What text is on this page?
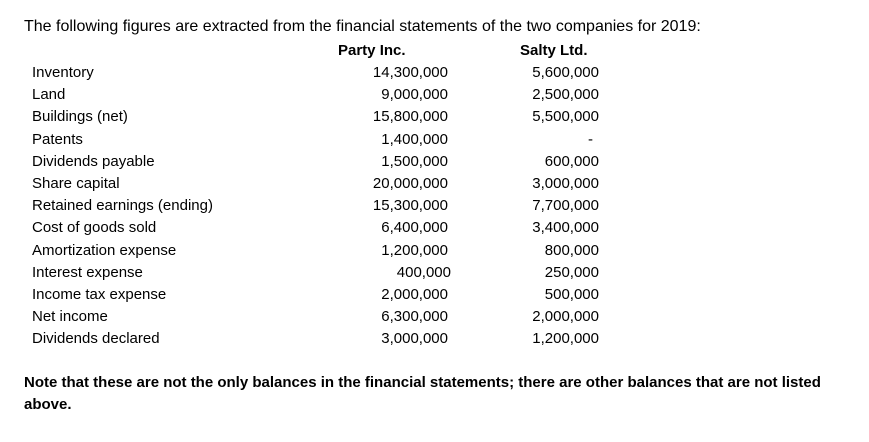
The following figures are extracted from the financial statements of the two companies for 2019:
Party Inc.	Salty Ltd.
Inventory	14,300,000	5,600,000
Land	9,000,000	2,500,000
Buildings (net)	15,800,000	5,500,000
Patents	1,400,000	-
Dividends payable	1,500,000	600,000
Share capital	20,000,000	3,000,000
Retained earnings (ending)	15,300,000	7,700,000
Cost of goods sold	6,400,000	3,400,000
Amortization expense	1,200,000	800,000
Interest expense	400,000	250,000
Income tax expense	2,000,000	500,000
Net income	6,300,000	2,000,000
Dividends declared	3,000,000	1,200,000
Note that these are not the only balances in the financial statements; there are other balances that are not listed above.
